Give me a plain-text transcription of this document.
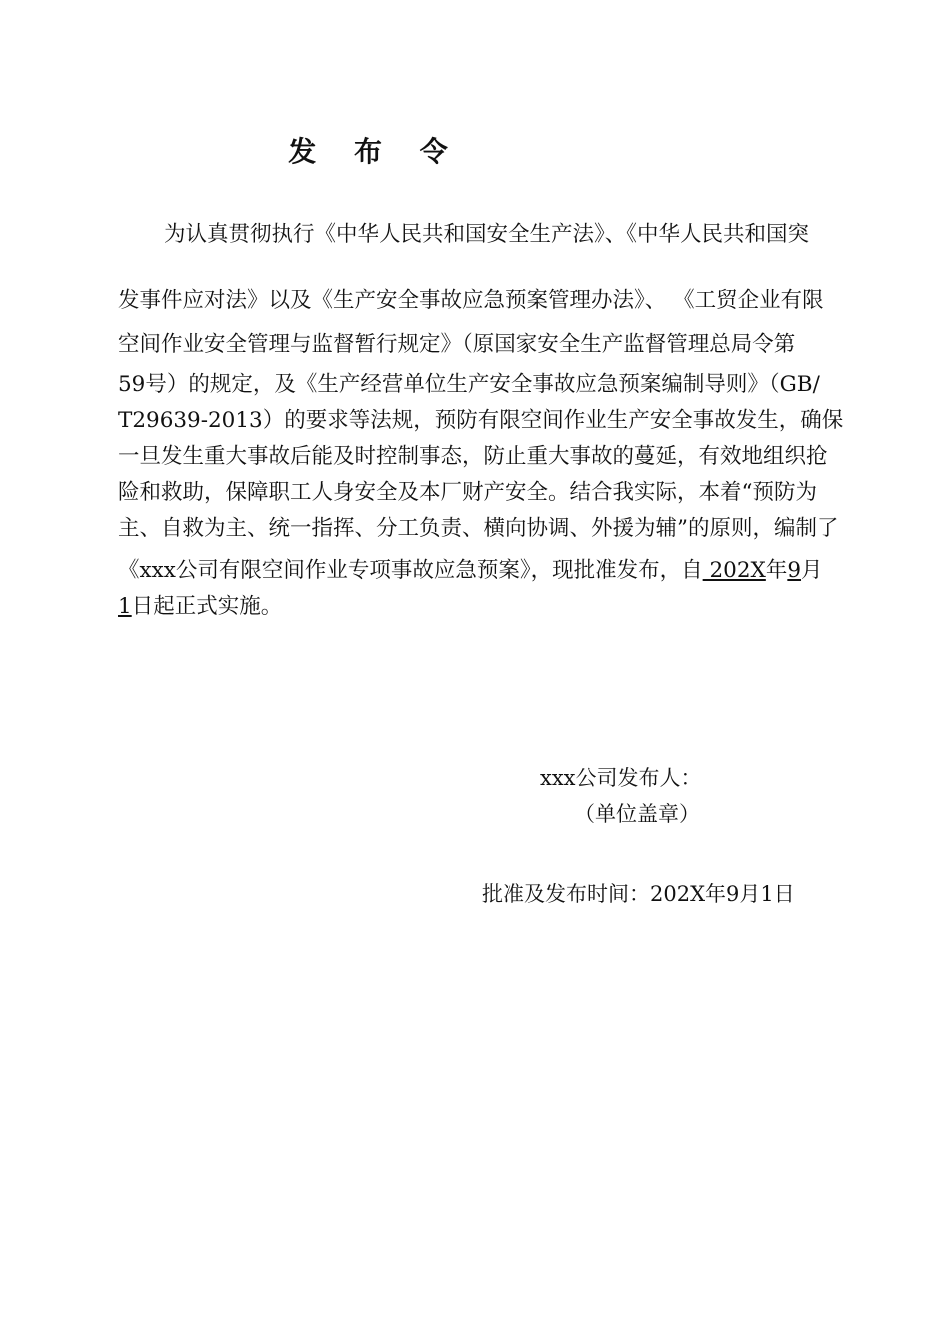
发 布 令
为认真贯彻执行《中华人民共和国安全生产法》、《中华人民共和国突
发事件应对法》以及《生产安全事故应急预案管理办法》、 《工贸企业有限
空间作业安全管理与监督暂行规定》（原国家安全生产监督管理总局令第
59号）的规定，及《生产经营单位生产安全事故应急预案编制导则》（GB/
T29639-2013）的要求等法规，预防有限空间作业生产安全事故发生，确保
一旦发生重大事故后能及时控制事态，防止重大事故的蔓延，有效地组织抢
险和救助，保障职工人身安全及本厂财产安全。结合我实际，本着“预防为
主、自救为主、统一指挥、分工负责、横向协调、外援为辅”的原则，编制了
《xxx公司有限空间作业专项事故应急预案》，现批准发布，自 202X年9月
1日起正式实施。
xxx公司发布人：
（单位盖章）
批准及发布时间：202X年9月1日
